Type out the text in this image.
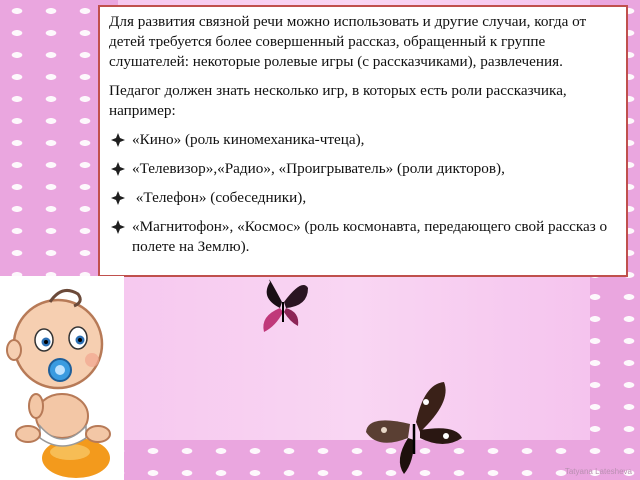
Для развития связной речи можно использовать и другие случаи, когда от детей требуется более совершенный рассказ, обращенный к группе слушателей: некоторые ролевые игры (с рассказчиками), развлечения.

Педагог должен знать несколько игр, в которых есть роли рассказчика, например:

«Кино» (роль киномеханика-чтеца),
«Телевизор»,«Радио», «Проигрыватель» (роли дикторов),
«Телефон» (собеседники),
«Магнитофон», «Космос» (роль космонавта, передающего свой рассказ о полете на Землю).
Tatyana Latesheva
